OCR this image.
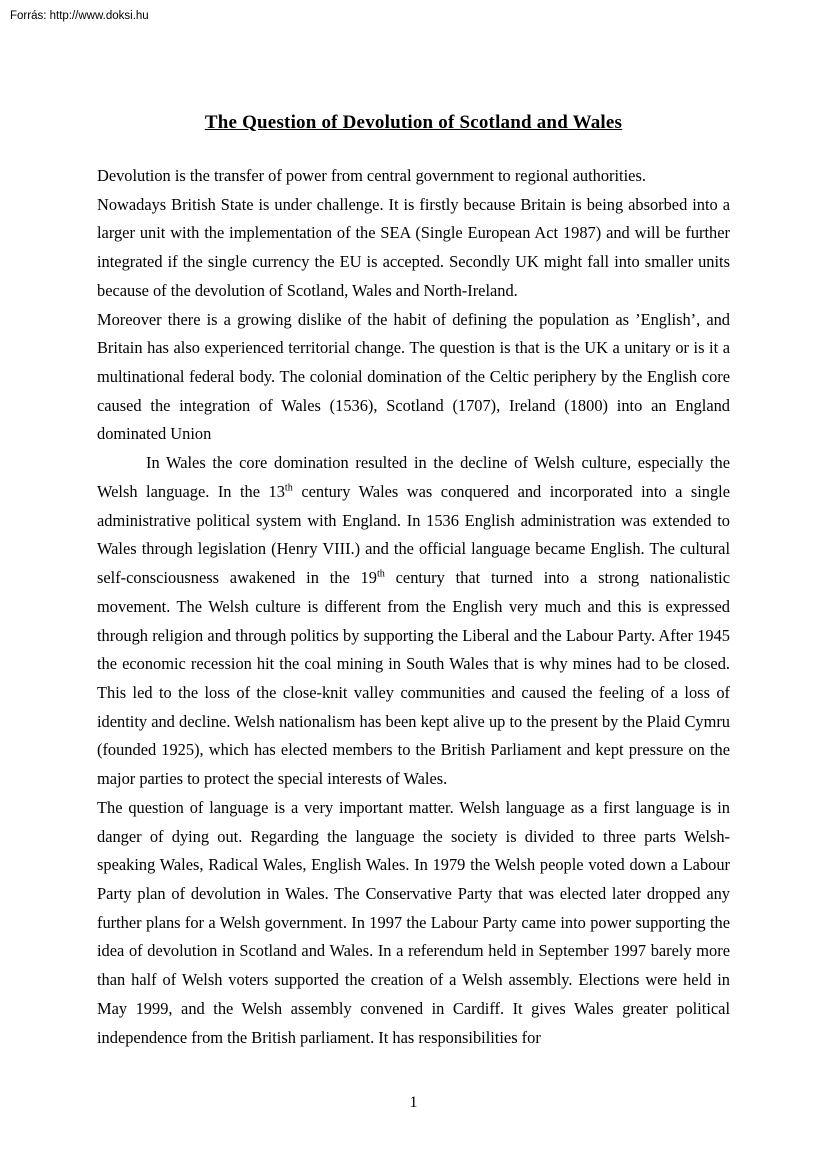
Forrás: http://www.doksi.hu
The Question of Devolution of Scotland and Wales

Devolution is the transfer of power from central government to regional authorities.

Nowadays British State is under challenge. It is firstly because Britain is being absorbed into a larger unit with the implementation of the SEA (Single European Act 1987) and will be further integrated if the single currency the EU is accepted. Secondly UK might fall into smaller units because of the devolution of Scotland, Wales and North-Ireland.

Moreover there is a growing dislike of the habit of defining the population as ’English’, and Britain has also experienced territorial change. The question is that is the UK a unitary or is it a multinational federal body. The colonial domination of the Celtic periphery by the English core caused the integration of Wales (1536), Scotland (1707), Ireland (1800) into an England dominated Union

In Wales the core domination resulted in the decline of Welsh culture, especially the Welsh language. In the 13th century Wales was conquered and incorporated into a single administrative political system with England. In 1536 English administration was extended to Wales through legislation (Henry VIII.) and the official language became English. The cultural self-consciousness awakened in the 19th century that turned into a strong nationalistic movement. The Welsh culture is different from the English very much and this is expressed through religion and through politics by supporting the Liberal and the Labour Party. After 1945 the economic recession hit the coal mining in South Wales that is why mines had to be closed. This led to the loss of the close-knit valley communities and caused the feeling of a loss of identity and decline. Welsh nationalism has been kept alive up to the present by the Plaid Cymru (founded 1925), which has elected members to the British Parliament and kept pressure on the major parties to protect the special interests of Wales.

The question of language is a very important matter. Welsh language as a first language is in danger of dying out. Regarding the language the society is divided to three parts Welsh-speaking Wales, Radical Wales, English Wales. In 1979 the Welsh people voted down a Labour Party plan of devolution in Wales. The Conservative Party that was elected later dropped any further plans for a Welsh government. In 1997 the Labour Party came into power supporting the idea of devolution in Scotland and Wales. In a referendum held in September 1997 barely more than half of Welsh voters supported the creation of a Welsh assembly. Elections were held in May 1999, and the Welsh assembly convened in Cardiff. It gives Wales greater political independence from the British parliament. It has responsibilities for

1
